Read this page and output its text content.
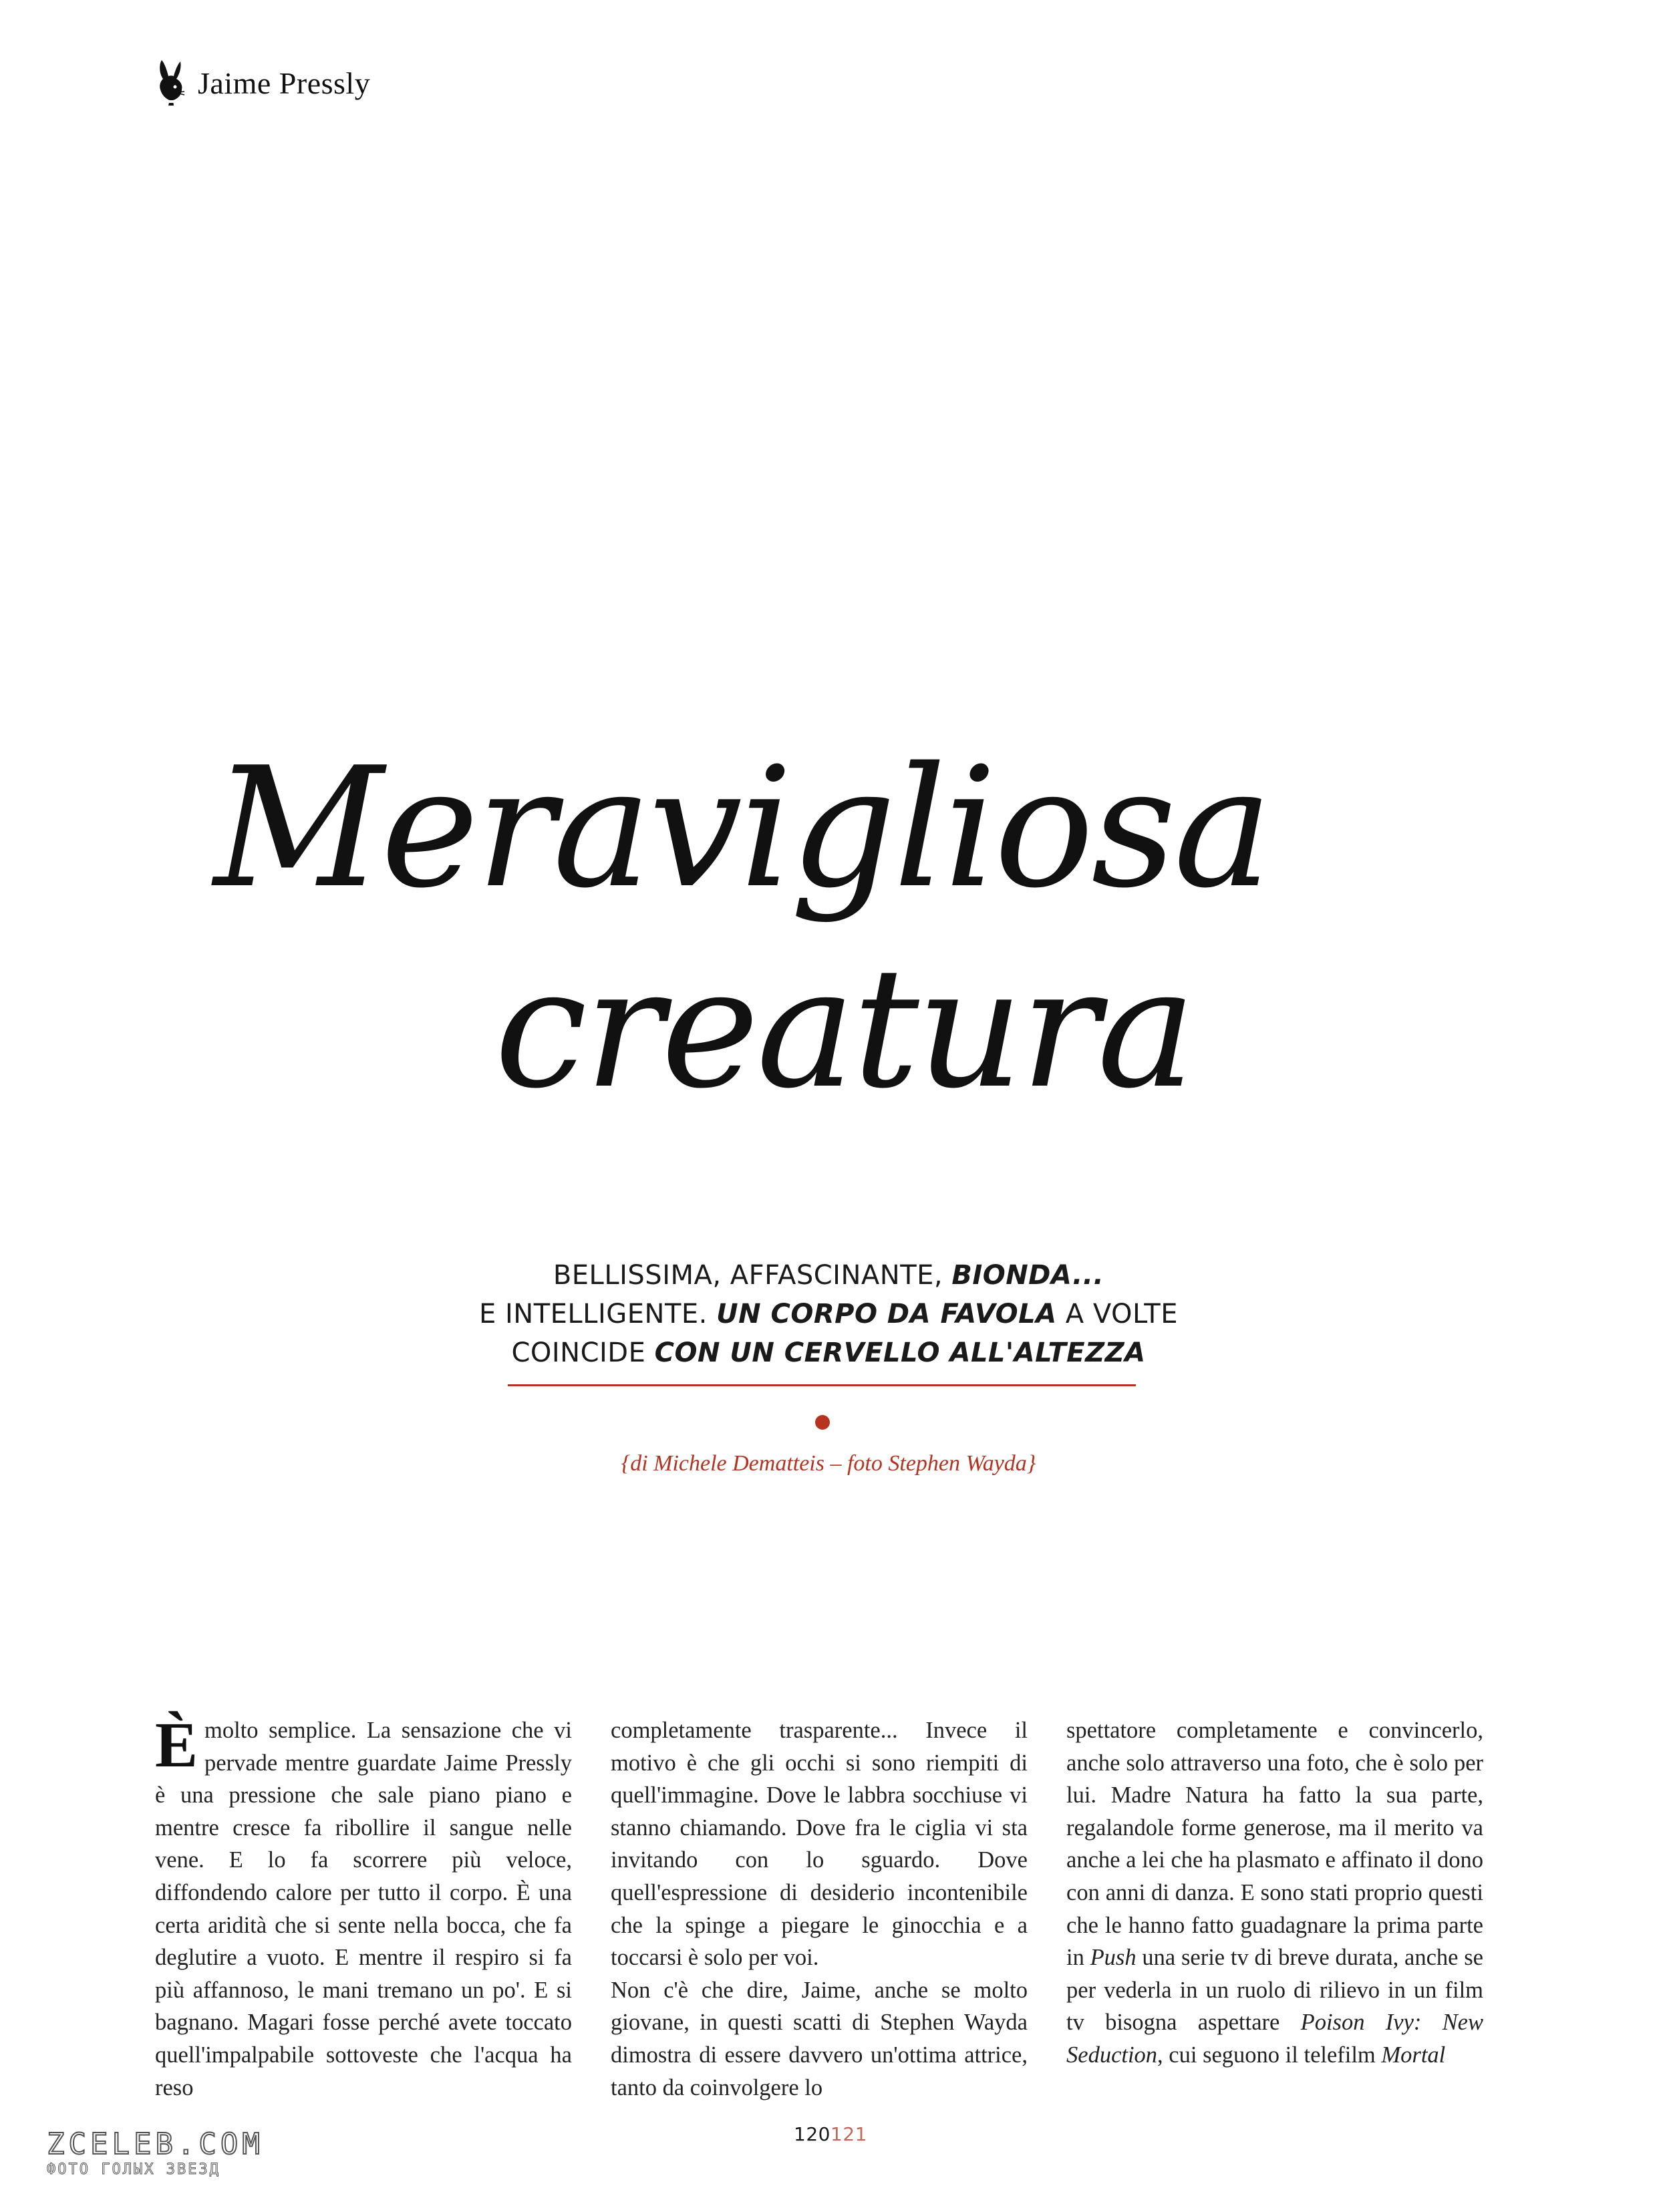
Jaime Pressly
Meravigliosa
creatura
BELLISSIMA, AFFASCINANTE, BIONDA...
E INTELLIGENTE. UN CORPO DA FAVOLA A VOLTE
COINCIDE CON UN CERVELLO ALL'ALTEZZA
{di Michele Dematteis – foto Stephen Wayda}

Èmolto semplice. La sensazione che vi pervade mentre guardate Jaime Pressly è una pressione che sale piano piano e mentre cresce fa ribollire il sangue nelle vene. E lo fa scorrere più veloce, diffondendo calore per tutto il corpo. È una certa aridità che si sente nella bocca, che fa deglutire a vuoto. E mentre il respiro si fa più affannoso, le mani tremano un po'. E si bagnano. Magari fosse perché avete toccato quell'impalpabile sottoveste che l'acqua ha reso

completamente trasparente... Invece il motivo è che gli occhi si sono riempiti di quell'immagine. Dove le labbra socchiuse vi stanno chiamando. Dove fra le ciglia vi sta invitando con lo sguardo. Dove quell'espressione di desiderio incontenibile che la spinge a piegare le ginocchia e a toccarsi è solo per voi.

Non c'è che dire, Jaime, anche se molto giovane, in questi scatti di Stephen Wayda dimostra di essere davvero un'ottima attrice, tanto da coinvolgere lo

spettatore completamente e convincerlo, anche solo attraverso una foto, che è solo per lui. Madre Natura ha fatto la sua parte, regalandole forme generose, ma il merito va anche a lei che ha plasmato e affinato il dono con anni di danza. E sono stati proprio questi che le hanno fatto guadagnare la prima parte in Push una serie tv di breve durata, anche se per vederla in un ruolo di rilievo in un film tv bisogna aspettare Poison Ivy: New Seduction, cui seguono il telefilm Mortal

120121
ZCELEB.COM
ФОТО ГОЛЫХ ЗВЕЗД
